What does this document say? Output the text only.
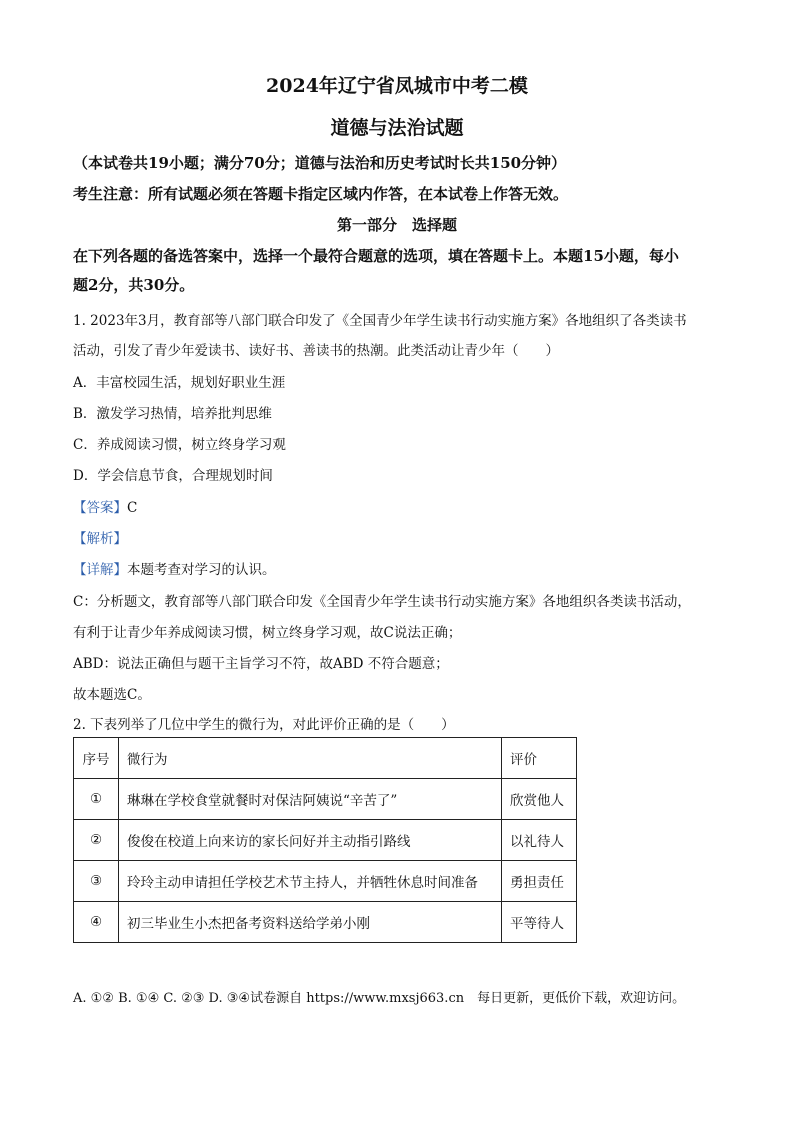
2024年辽宁省凤城市中考二模
道德与法治试题
（本试卷共19小题；满分70分；道德与法治和历史考试时长共150分钟）
考生注意：所有试题必须在答题卡指定区域内作答，在本试卷上作答无效。
第一部分　选择题
在下列各题的备选答案中，选择一个最符合题意的选项，填在答题卡上。本题15小题，每小
题2分，共30分。
1. 2023年3月，教育部等八部门联合印发了《全国青少年学生读书行动实施方案》各地组织了各类读书
活动，引发了青少年爱读书、读好书、善读书的热潮。此类活动让青少年（　　）
A．丰富校园生活，规划好职业生涯
B．激发学习热情，培养批判思维
C．养成阅读习惯，树立终身学习观
D．学会信息节食，合理规划时间
【答案】C
【解析】
【详解】本题考查对学习的认识。
C：分析题文，教育部等八部门联合印发《全国青少年学生读书行动实施方案》各地组织各类读书活动，
有利于让青少年养成阅读习惯，树立终身学习观，故C说法正确；
ABD：说法正确但与题干主旨学习不符，故ABD 不符合题意；
故本题选C。
2. 下表列举了几位中学生的微行为，对此评价正确的是（　　）
序号	微行为	评价
①	琳琳在学校食堂就餐时对保洁阿姨说“辛苦了”	欣赏他人
②	俊俊在校道上向来访的家长问好并主动指引路线	以礼待人
③	玲玲主动申请担任学校艺术节主持人，并牺牲休息时间准备	勇担责任
④	初三毕业生小杰把备考资料送给学弟小刚	平等待人
A. ①② B. ①④ C. ②③ D. ③④试卷源自 https://www.mxsj663.cn　每日更新，更低价下载，欢迎访问。
